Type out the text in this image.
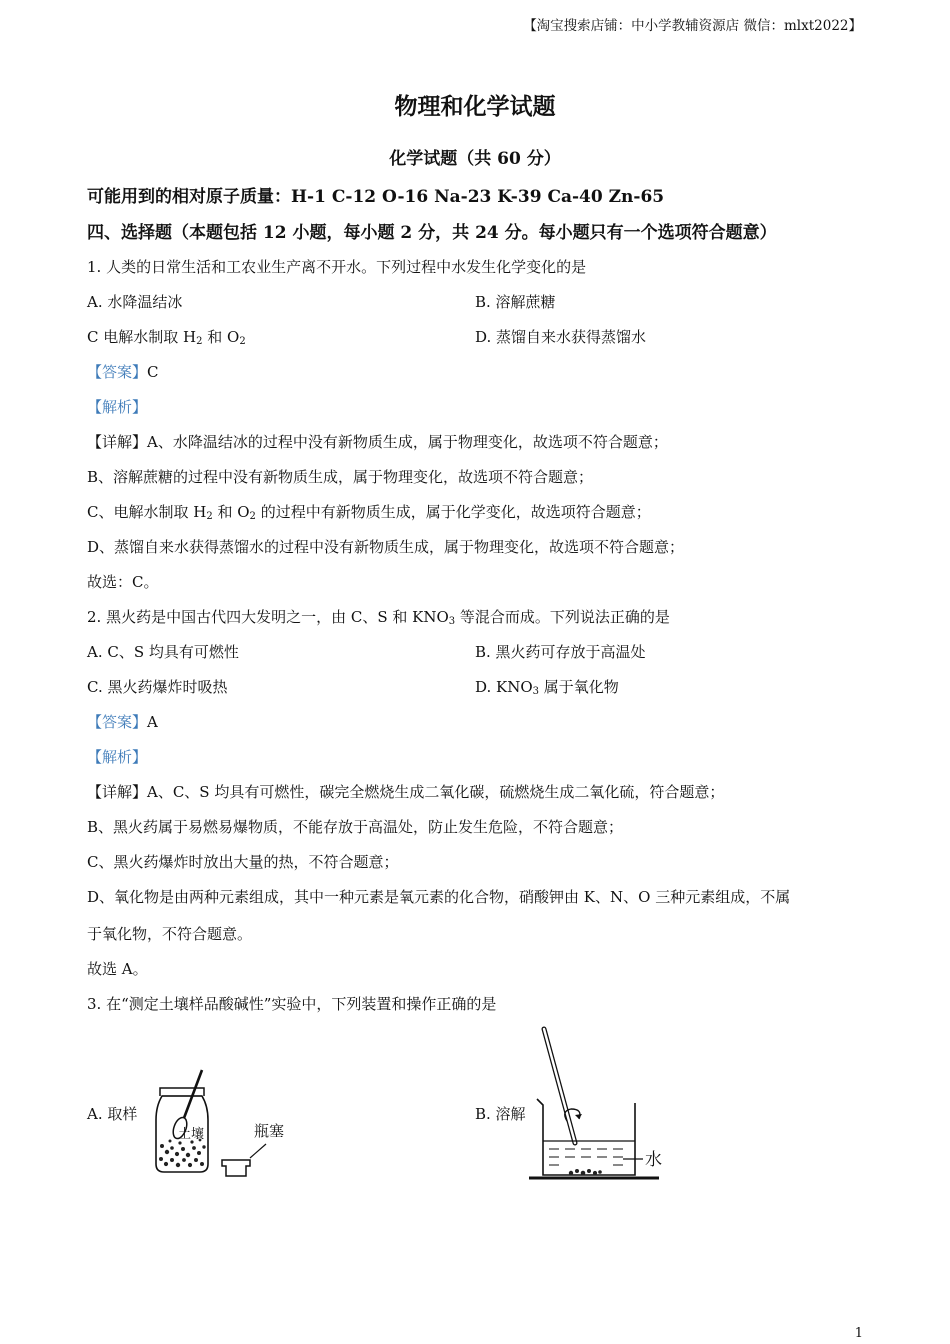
【淘宝搜索店铺：中小学教辅资源店 微信：mlxt2022】
物理和化学试题
化学试题（共 60 分）
可能用到的相对原子质量：H-1 C-12 O-16 Na-23 K-39 Ca-40 Zn-65
四、选择题（本题包括 12 小题，每小题 2 分，共 24 分。每小题只有一个选项符合题意）
1. 人类的日常生活和工农业生产离不开水。下列过程中水发生化学变化的是
A. 水降温结冰	B. 溶解蔗糖
C 电解水制取 $H_2$ 和 $O_2$	D. 蒸馏自来水获得蒸馏水
【答案】C
【解析】
【详解】A、水降温结冰的过程中没有新物质生成，属于物理变化，故选项不符合题意；
B、溶解蔗糖的过程中没有新物质生成，属于物理变化，故选项不符合题意；
C、电解水制取 $H_2$ 和 $O_2$ 的过程中有新物质生成，属于化学变化，故选项符合题意；
D、蒸馏自来水获得蒸馏水的过程中没有新物质生成，属于物理变化，故选项不符合题意；
故选：C。
2. 黑火药是中国古代四大发明之一，由 C、S 和 $KNO_3$ 等混合而成。下列说法正确的是
A. C、S 均具有可燃性	B. 黑火药可存放于高温处
C. 黑火药爆炸时吸热	D. $KNO_3$ 属于氧化物
【答案】A
【解析】
【详解】A、C、S 均具有可燃性，碳完全燃烧生成二氧化碳，硫燃烧生成二氧化硫，符合题意；
B、黑火药属于易燃易爆物质，不能存放于高温处，防止发生危险，不符合题意；
C、黑火药爆炸时放出大量的热，不符合题意；
D、氧化物是由两种元素组成，其中一种元素是氧元素的化合物，硝酸钾由 K、N、O 三种元素组成，不属
于氧化物，不符合题意。
故选 A。
3. 在“测定土壤样品酸碱性”实验中，下列装置和操作正确的是
A. 取样	B. 溶解
土壤	瓶塞
水
1
